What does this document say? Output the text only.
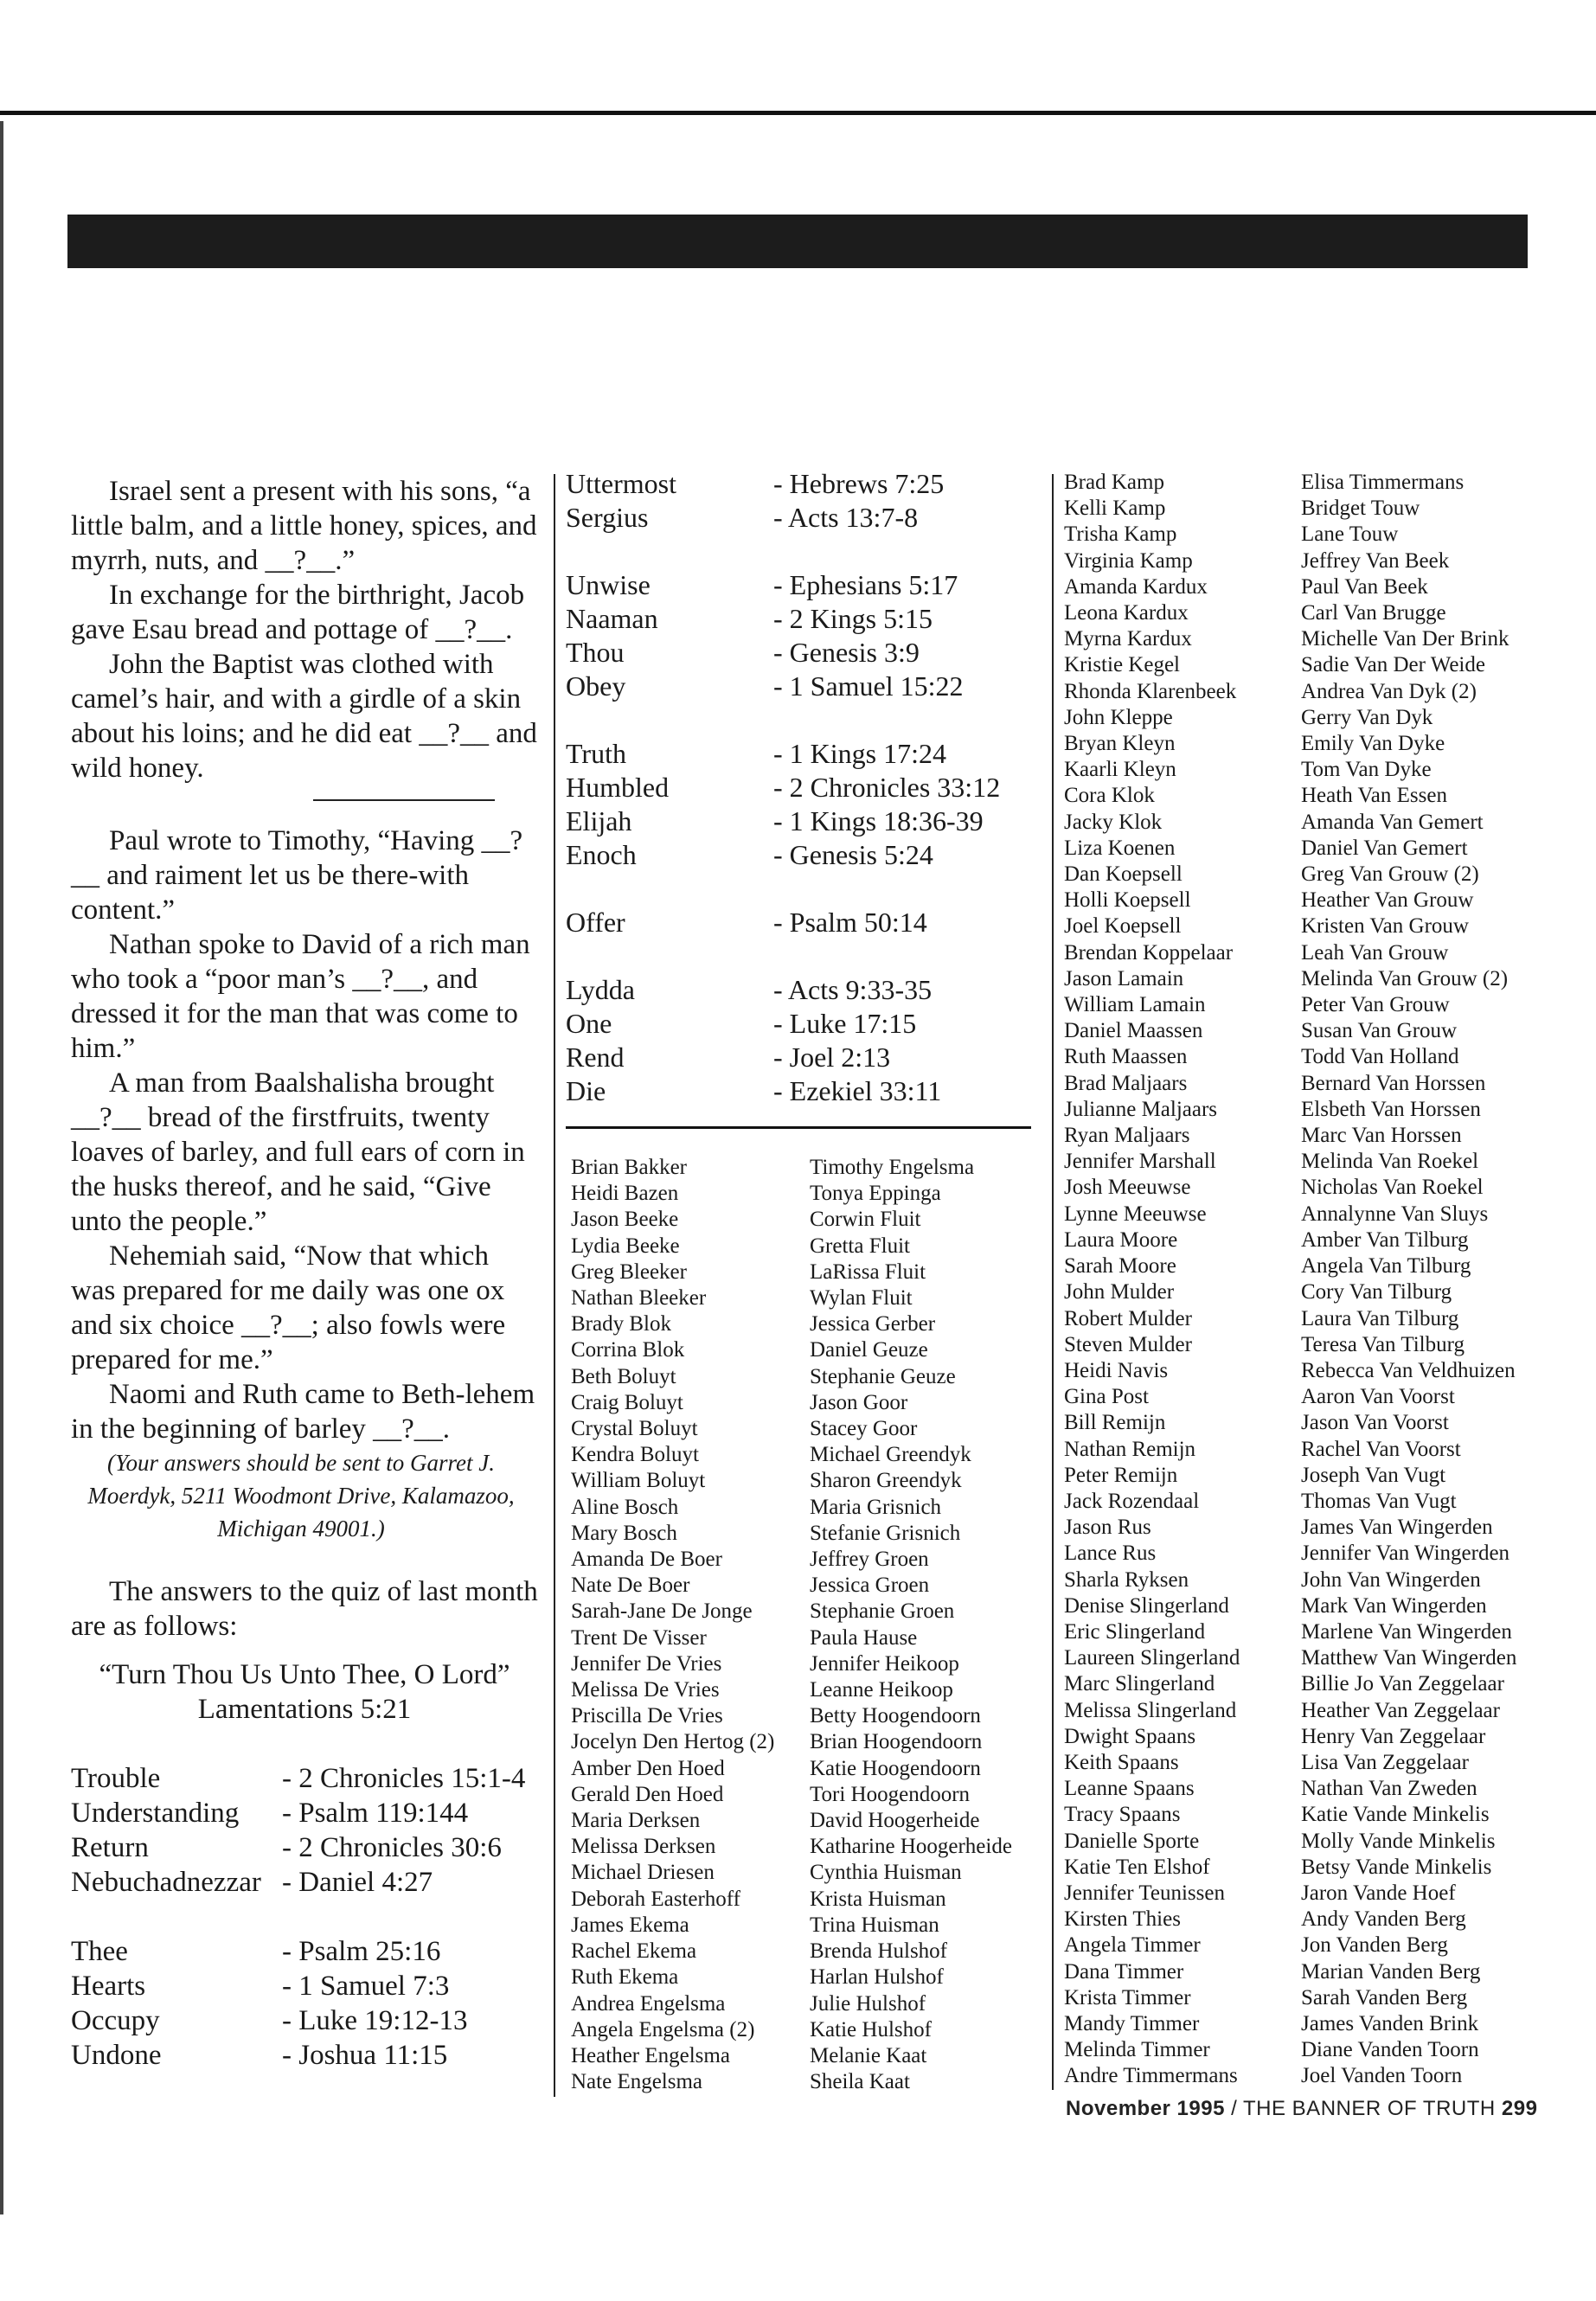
Israel sent a present with his sons, “a little balm, and a little honey, spices, and myrrh, nuts, and __?__.”

In exchange for the birthright, Jacob gave Esau bread and pottage of __?__.

John the Baptist was clothed with camel’s hair, and with a girdle of a skin about his loins; and he did eat __?__ and wild honey.

Paul wrote to Timothy, “Having __?__ and raiment let us be there-with content.”

Nathan spoke to David of a rich man who took a “poor man’s __?__, and dressed it for the man that was come to him.”

A man from Baalshalisha brought __?__ bread of the firstfruits, twenty loaves of barley, and full ears of corn in the husks thereof, and he said, “Give unto the people.”

Nehemiah said, “Now that which was prepared for me daily was one ox and six choice __?__; also fowls were prepared for me.”

Naomi and Ruth came to Beth-lehem in the beginning of barley __?__.

(Your answers should be sent to Garret J. Moerdyk, 5211 Woodmont Drive, Kalamazoo, Michigan 49001.)

The answers to the quiz of last month are as follows:

“Turn Thou Us Unto Thee, O Lord”

Lamentations 5:21

Trouble	- 2 Chronicles 15:1-4
Understanding	- Psalm 119:144
Return	- 2 Chronicles 30:6
Nebuchadnezzar - Daniel 4:27
Thee	- Psalm 25:16
Hearts	- 1 Samuel 7:3
Occupy	- Luke 19:12-13
Undone	- Joshua 11:15
Uttermost	- Hebrews 7:25
Sergius	- Acts 13:7-8
Unwise	- Ephesians 5:17
Naaman	- 2 Kings 5:15
Thou	- Genesis 3:9
Obey	- 1 Samuel 15:22
Truth	- 1 Kings 17:24
Humbled	- 2 Chronicles 33:12
Elijah	- 1 Kings 18:36-39
Enoch	- Genesis 5:24
Offer	- Psalm 50:14
Lydda	- Acts 9:33-35
One	- Luke 17:15
Rend	- Joel 2:13
Die	- Ezekiel 33:11
Brian Bakker
Heidi Bazen
Jason Beeke
Lydia Beeke
Greg Bleeker
Nathan Bleeker
Brady Blok
Corrina Blok
Beth Boluyt
Craig Boluyt
Crystal Boluyt
Kendra Boluyt
William Boluyt
Aline Bosch
Mary Bosch
Amanda De Boer
Nate De Boer
Sarah-Jane De Jonge
Trent De Visser
Jennifer De Vries
Melissa De Vries
Priscilla De Vries
Jocelyn Den Hertog (2)
Amber Den Hoed
Gerald Den Hoed
Maria Derksen
Melissa Derksen
Michael Driesen
Deborah Easterhoff
James Ekema
Rachel Ekema
Ruth Ekema
Andrea Engelsma
Angela Engelsma (2)
Heather Engelsma
Nate Engelsma
Timothy Engelsma
Tonya Eppinga
Corwin Fluit
Gretta Fluit
LaRissa Fluit
Wylan Fluit
Jessica Gerber
Daniel Geuze
Stephanie Geuze
Jason Goor
Stacey Goor
Michael Greendyk
Sharon Greendyk
Maria Grisnich
Stefanie Grisnich
Jeffrey Groen
Jessica Groen
Stephanie Groen
Paula Hause
Jennifer Heikoop
Leanne Heikoop
Betty Hoogendoorn
Brian Hoogendoorn
Katie Hoogendoorn
Tori Hoogendoorn
David Hoogerheide
Katharine Hoogerheide
Cynthia Huisman
Krista Huisman
Trina Huisman
Brenda Hulshof
Harlan Hulshof
Julie Hulshof
Katie Hulshof
Melanie Kaat
Sheila Kaat
Brad Kamp
Kelli Kamp
Trisha Kamp
Virginia Kamp
Amanda Kardux
Leona Kardux
Myrna Kardux
Kristie Kegel
Rhonda Klarenbeek
John Kleppe
Bryan Kleyn
Kaarli Kleyn
Cora Klok
Jacky Klok
Liza Koenen
Dan Koepsell
Holli Koepsell
Joel Koepsell
Brendan Koppelaar
Jason Lamain
William Lamain
Daniel Maassen
Ruth Maassen
Brad Maljaars
Julianne Maljaars
Ryan Maljaars
Jennifer Marshall
Josh Meeuwse
Lynne Meeuwse
Laura Moore
Sarah Moore
John Mulder
Robert Mulder
Steven Mulder
Heidi Navis
Gina Post
Bill Remijn
Nathan Remijn
Peter Remijn
Jack Rozendaal
Jason Rus
Lance Rus
Sharla Ryksen
Denise Slingerland
Eric Slingerland
Laureen Slingerland
Marc Slingerland
Melissa Slingerland
Dwight Spaans
Keith Spaans
Leanne Spaans
Tracy Spaans
Danielle Sporte
Katie Ten Elshof
Jennifer Teunissen
Kirsten Thies
Angela Timmer
Dana Timmer
Krista Timmer
Mandy Timmer
Melinda Timmer
Andre Timmermans
Elisa Timmermans
Bridget Touw
Lane Touw
Jeffrey Van Beek
Paul Van Beek
Carl Van Brugge
Michelle Van Der Brink
Sadie Van Der Weide
Andrea Van Dyk (2)
Gerry Van Dyk
Emily Van Dyke
Tom Van Dyke
Heath Van Essen
Amanda Van Gemert
Daniel Van Gemert
Greg Van Grouw (2)
Heather Van Grouw
Kristen Van Grouw
Leah Van Grouw
Melinda Van Grouw (2)
Peter Van Grouw
Susan Van Grouw
Todd Van Holland
Bernard Van Horssen
Elsbeth Van Horssen
Marc Van Horssen
Melinda Van Roekel
Nicholas Van Roekel
Annalynne Van Sluys
Amber Van Tilburg
Angela Van Tilburg
Cory Van Tilburg
Laura Van Tilburg
Teresa Van Tilburg
Rebecca Van Veldhuizen
Aaron Van Voorst
Jason Van Voorst
Rachel Van Voorst
Joseph Van Vugt
Thomas Van Vugt
James Van Wingerden
Jennifer Van Wingerden
John Van Wingerden
Mark Van Wingerden
Marlene Van Wingerden
Matthew Van Wingerden
Billie Jo Van Zeggelaar
Heather Van Zeggelaar
Henry Van Zeggelaar
Lisa Van Zeggelaar
Nathan Van Zweden
Katie Vande Minkelis
Molly Vande Minkelis
Betsy Vande Minkelis
Jaron Vande Hoef
Andy Vanden Berg
Jon Vanden Berg
Marian Vanden Berg
Sarah Vanden Berg
James Vanden Brink
Diane Vanden Toorn
Joel Vanden Toorn
November 1995 / THE BANNER OF TRUTH 299
